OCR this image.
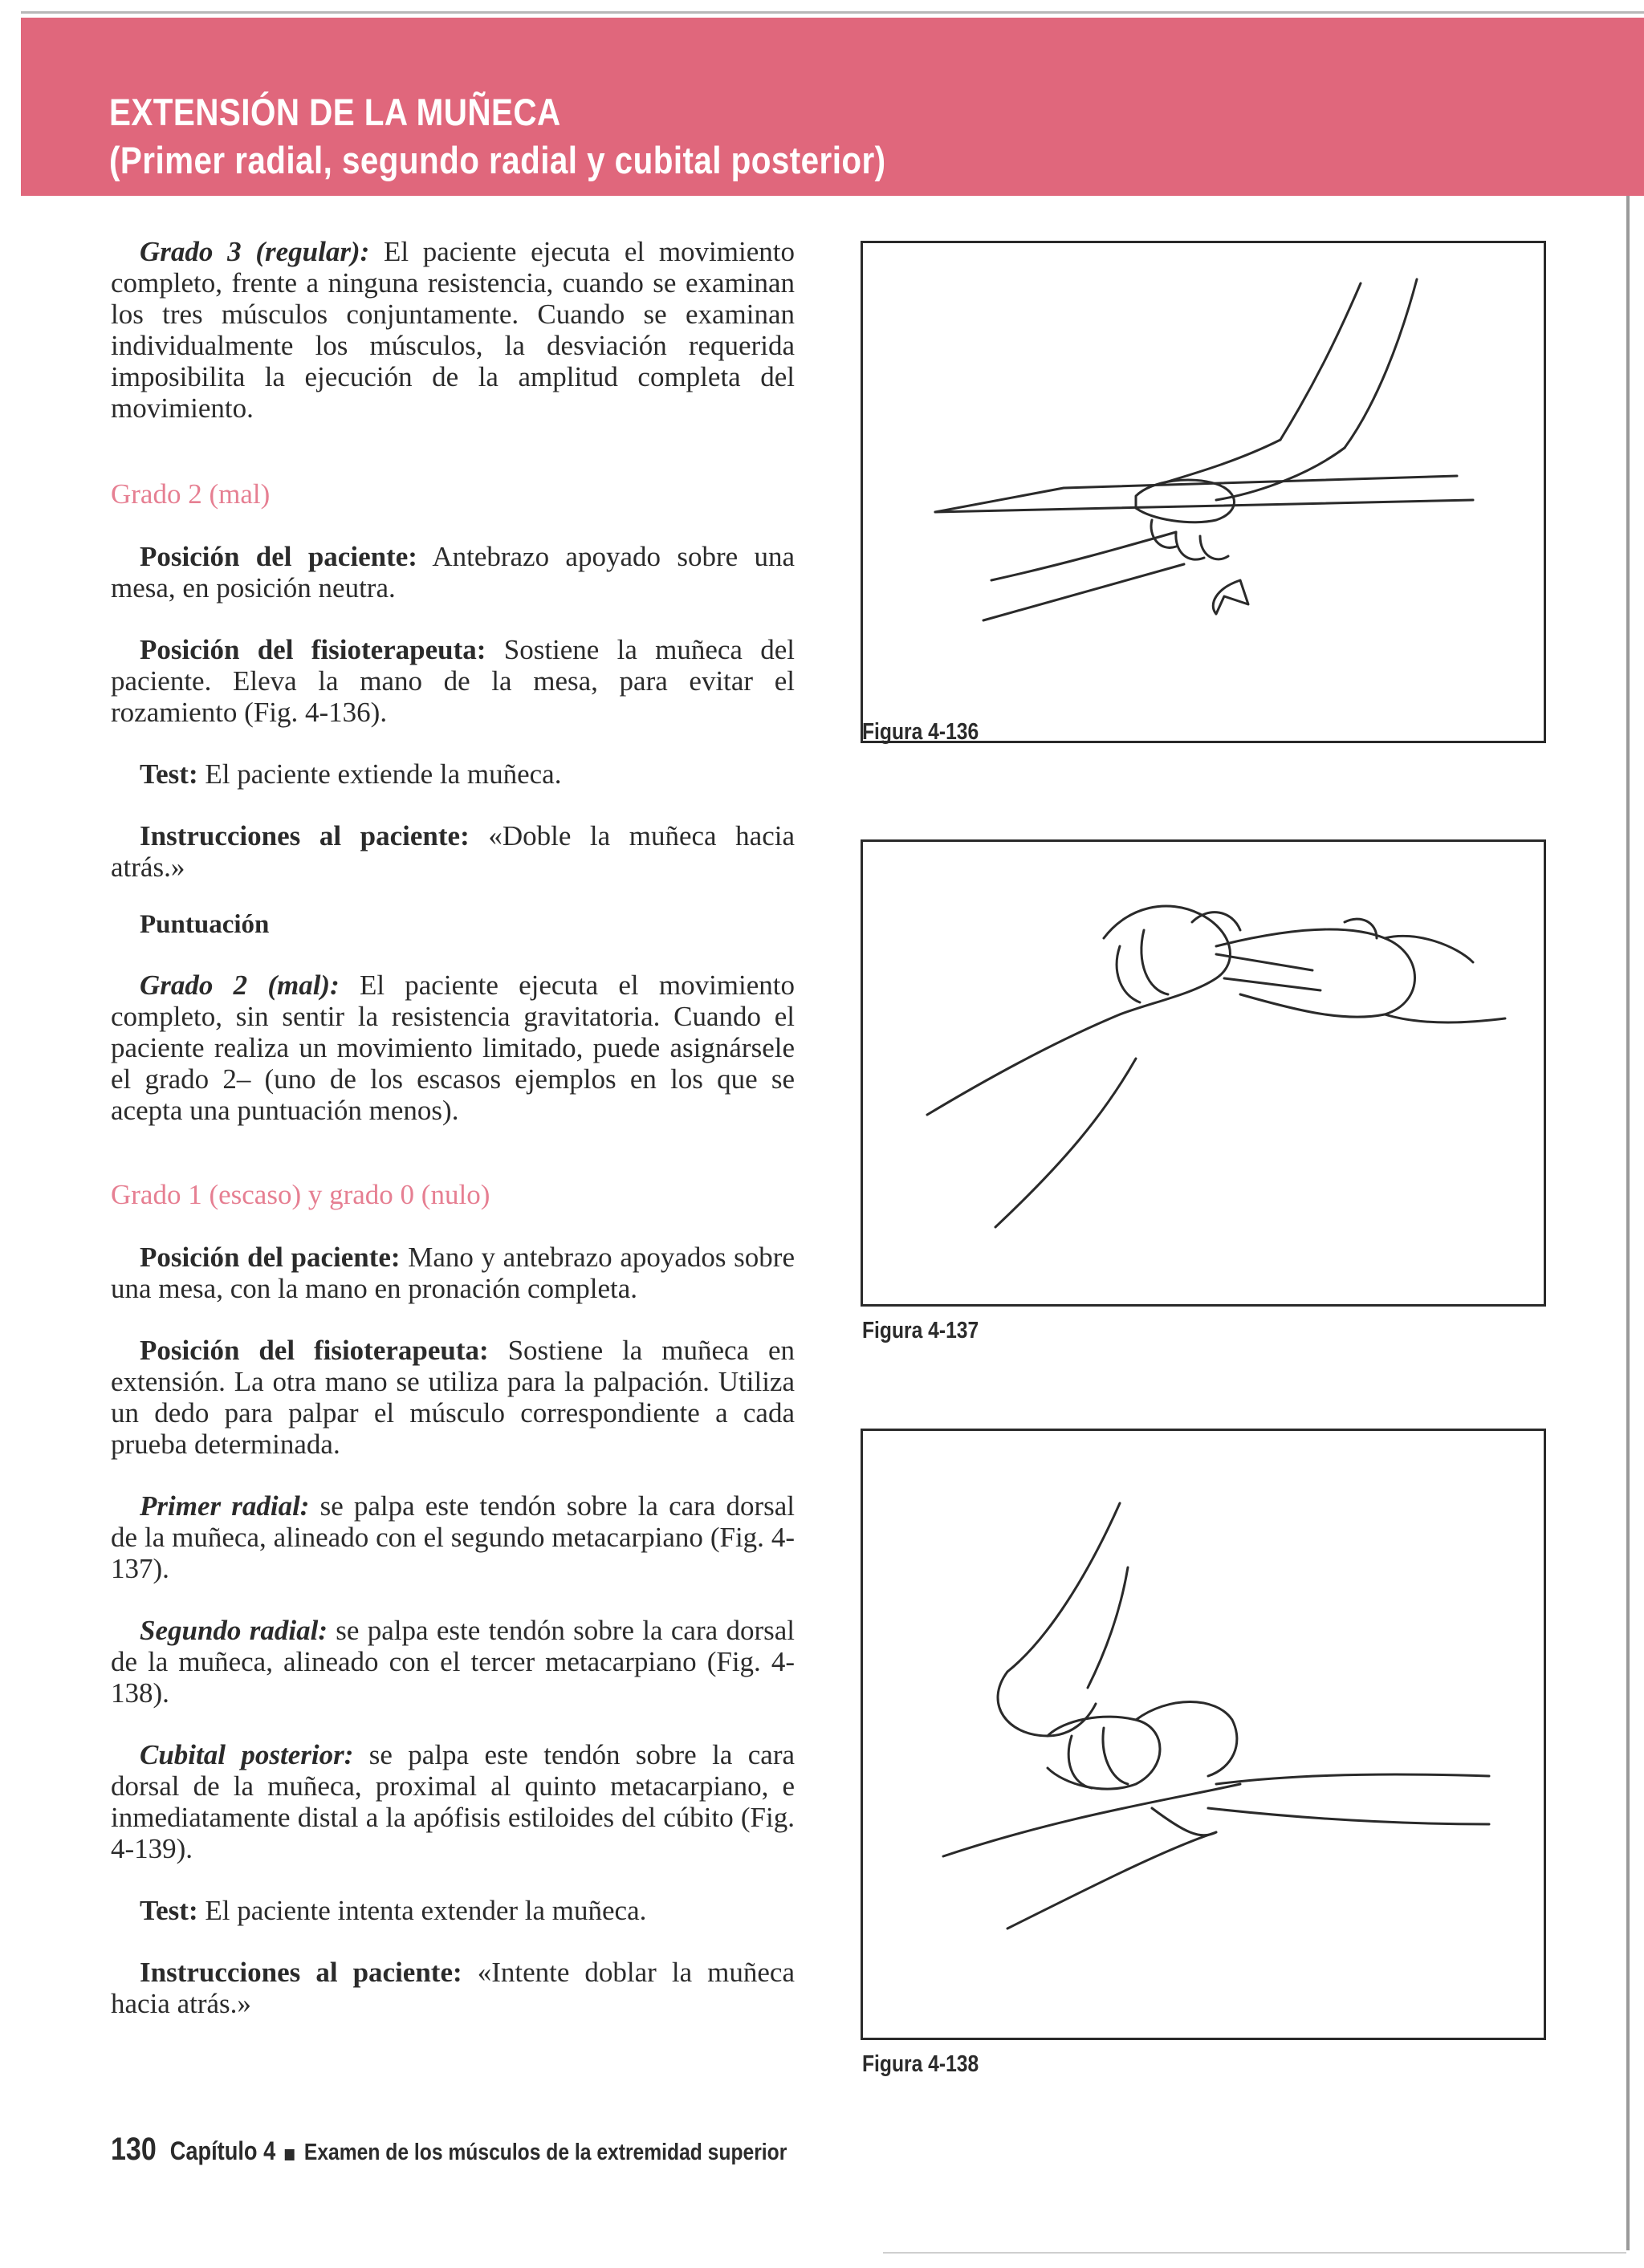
EXTENSIÓN DE LA MUÑECA
(Primer radial, segundo radial y cubital posterior)

Grado 3 (regular): El paciente ejecuta el movimiento completo, frente a ninguna resistencia, cuando se examinan los tres músculos conjuntamente. Cuando se examinan individualmente los músculos, la desviación requerida imposibilita la ejecución de la amplitud completa del movimiento.

Grado 2 (mal)

Posición del paciente: Antebrazo apoyado sobre una mesa, en posición neutra.

Posición del fisioterapeuta: Sostiene la muñeca del paciente. Eleva la mano de la mesa, para evitar el rozamiento (Fig. 4-136).

Test: El paciente extiende la muñeca.

Instrucciones al paciente: «Doble la muñeca hacia atrás.»

Puntuación

Grado 2 (mal): El paciente ejecuta el movimiento completo, sin sentir la resistencia gravitatoria. Cuando el paciente realiza un movimiento limitado, puede asignársele el grado 2– (uno de los escasos ejemplos en los que se acepta una puntuación menos).

Grado 1 (escaso) y grado 0 (nulo)

Posición del paciente: Mano y antebrazo apoyados sobre una mesa, con la mano en pronación completa.

Posición del fisioterapeuta: Sostiene la muñeca en extensión. La otra mano se utiliza para la palpación. Utiliza un dedo para palpar el músculo correspondiente a cada prueba determinada.

Primer radial: se palpa este tendón sobre la cara dorsal de la muñeca, alineado con el segundo metacarpiano (Fig. 4-137).

Segundo radial: se palpa este tendón sobre la cara dorsal de la muñeca, alineado con el tercer metacarpiano (Fig. 4-138).

Cubital posterior: se palpa este tendón sobre la cara dorsal de la muñeca, proximal al quinto metacarpiano, e inmediatamente distal a la apófisis estiloides del cúbito (Fig. 4-139).

Test: El paciente intenta extender la muñeca.

Instrucciones al paciente: «Intente doblar la muñeca hacia atrás.»

Figura 4-136
Figura 4-137
Figura 4-138
130 Capítulo 4 Examen de los músculos de la extremidad superior
